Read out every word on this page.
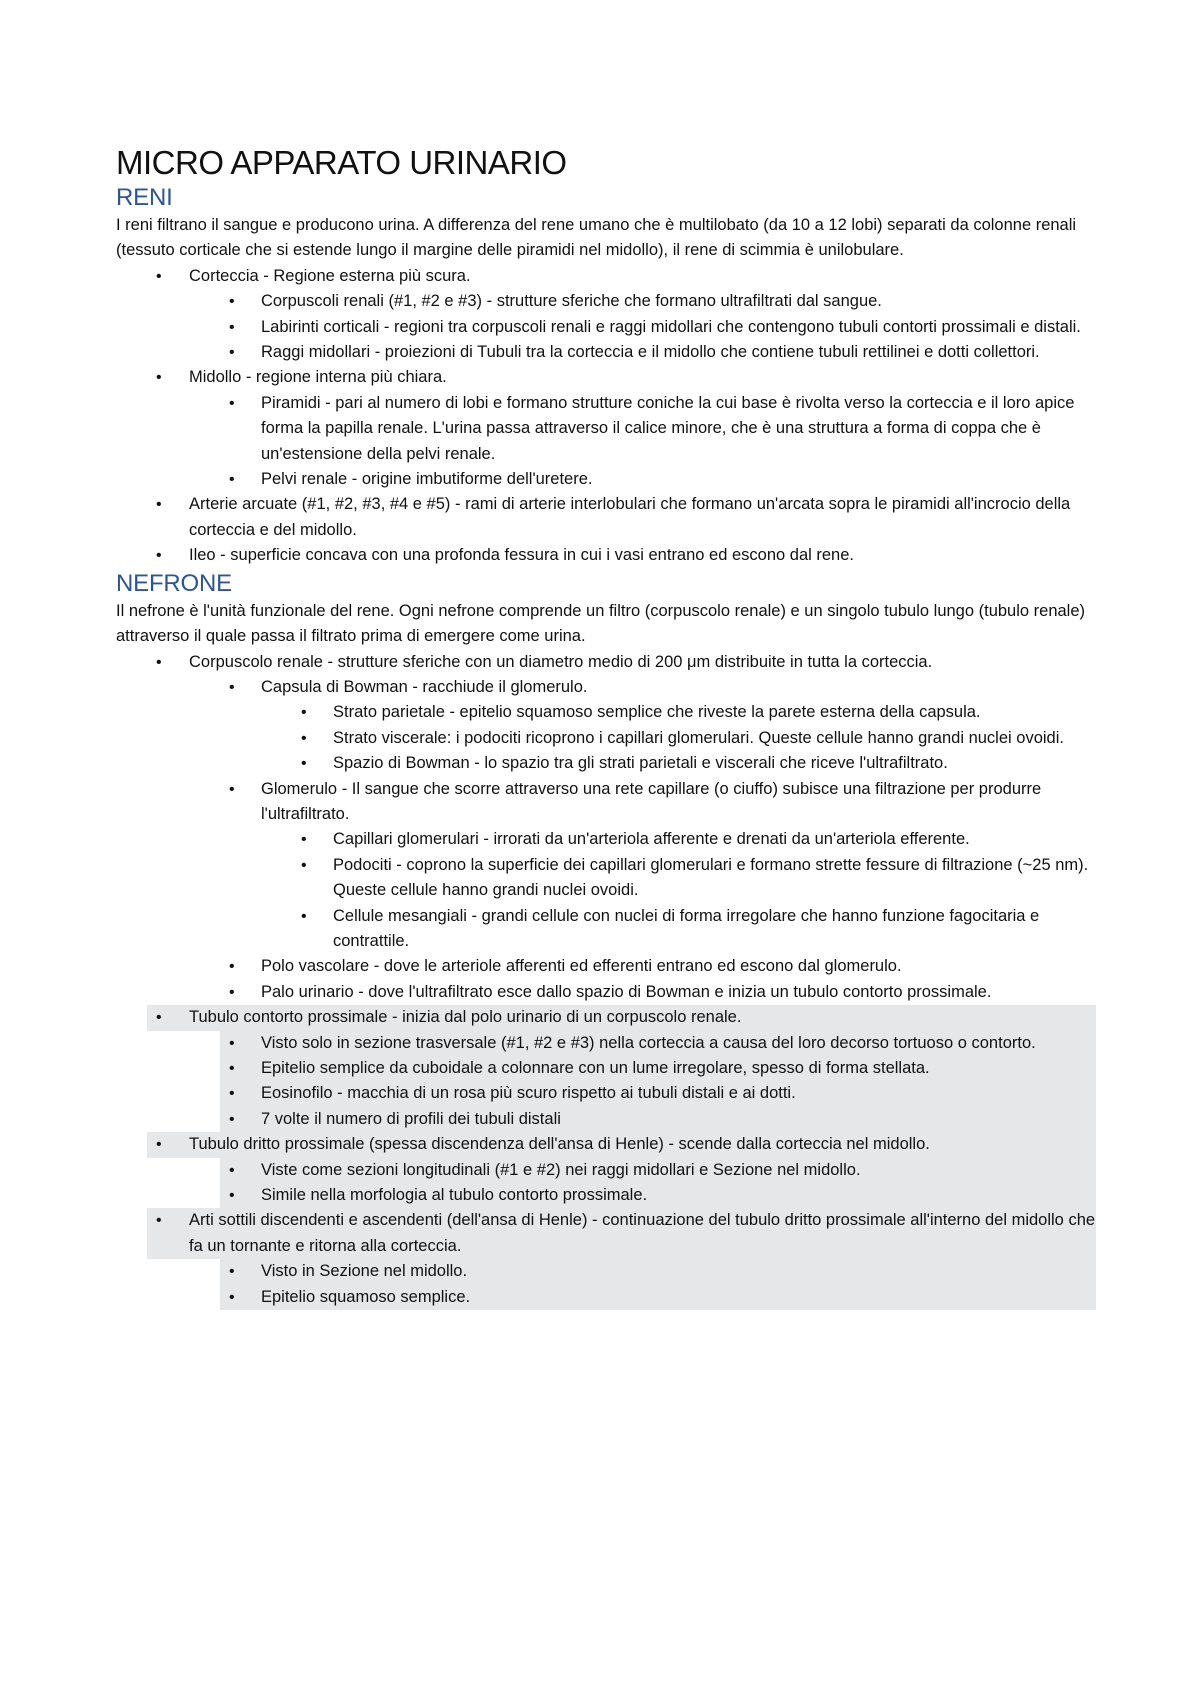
MICRO APPARATO URINARIO
RENI

I reni filtrano il sangue e producono urina. A differenza del rene umano che è multilobato (da 10 a 12 lobi) separati da colonne renali (tessuto corticale che si estende lungo il margine delle piramidi nel midollo), il rene di scimmia è unilobulare.

• Corteccia - Regione esterna più scura.
• Corpuscoli renali (#1, #2 e #3) - strutture sferiche che formano ultrafiltrati dal sangue.
• Labirinti corticali - regioni tra corpuscoli renali e raggi midollari che contengono tubuli contorti prossimali e distali.
• Raggi midollari - proiezioni di Tubuli tra la corteccia e il midollo che contiene tubuli rettilinei e dotti collettori.
• Midollo - regione interna più chiara.
• Piramidi - pari al numero di lobi e formano strutture coniche la cui base è rivolta verso la corteccia e il loro apice forma la papilla renale. L'urina passa attraverso il calice minore, che è una struttura a forma di coppa che è un'estensione della pelvi renale.
• Pelvi renale - origine imbutiforme dell'uretere.
• Arterie arcuate (#1, #2, #3, #4 e #5) - rami di arterie interlobulari che formano un'arcata sopra le piramidi all'incrocio della corteccia e del midollo.
• Ileo - superficie concava con una profonda fessura in cui i vasi entrano ed escono dal rene.
NEFRONE

Il nefrone è l'unità funzionale del rene. Ogni nefrone comprende un filtro (corpuscolo renale) e un singolo tubulo lungo (tubulo renale) attraverso il quale passa il filtrato prima di emergere come urina.

• Corpuscolo renale - strutture sferiche con un diametro medio di 200 μm distribuite in tutta la corteccia.
• Capsula di Bowman - racchiude il glomerulo.
• Strato parietale - epitelio squamoso semplice che riveste la parete esterna della capsula.
• Strato viscerale: i podociti ricoprono i capillari glomerulari. Queste cellule hanno grandi nuclei ovoidi.
• Spazio di Bowman - lo spazio tra gli strati parietali e viscerali che riceve l'ultrafiltrato.
• Glomerulo - Il sangue che scorre attraverso una rete capillare (o ciuffo) subisce una filtrazione per produrre l'ultrafiltrato.
• Capillari glomerulari - irrorati da un'arteriola afferente e drenati da un'arteriola efferente.
• Podociti - coprono la superficie dei capillari glomerulari e formano strette fessure di filtrazione (~25 nm). Queste cellule hanno grandi nuclei ovoidi.
• Cellule mesangiali - grandi cellule con nuclei di forma irregolare che hanno funzione fagocitaria e contrattile.
• Polo vascolare - dove le arteriole afferenti ed efferenti entrano ed escono dal glomerulo.
• Palo urinario - dove l'ultrafiltrato esce dallo spazio di Bowman e inizia un tubulo contorto prossimale.
• Tubulo contorto prossimale - inizia dal polo urinario di un corpuscolo renale.
• Visto solo in sezione trasversale (#1, #2 e #3) nella corteccia a causa del loro decorso tortuoso o contorto.
• Epitelio semplice da cuboidale a colonnare con un lume irregolare, spesso di forma stellata.
• Eosinofilo - macchia di un rosa più scuro rispetto ai tubuli distali e ai dotti.
• 7 volte il numero di profili dei tubuli distali
• Tubulo dritto prossimale (spessa discendenza dell'ansa di Henle) - scende dalla corteccia nel midollo.
• Viste come sezioni longitudinali (#1 e #2) nei raggi midollari e Sezione nel midollo.
• Simile nella morfologia al tubulo contorto prossimale.
• Arti sottili discendenti e ascendenti (dell'ansa di Henle) - continuazione del tubulo dritto prossimale all'interno del midollo che fa un tornante e ritorna alla corteccia.
• Visto in Sezione nel midollo.
• Epitelio squamoso semplice.
